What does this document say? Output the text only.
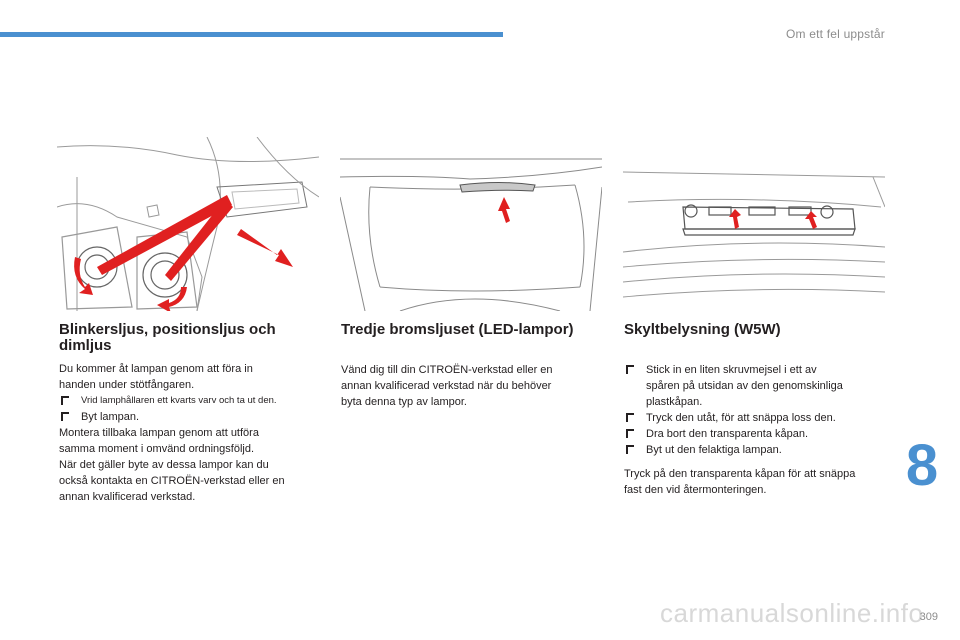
Om ett fel uppstår
Blinkersljus, positionsljus och
dimljus

Du kommer åt lampan genom att föra in
handen under stötfångaren.

Vrid lamphållaren ett kvarts varv och ta ut den.
Byt lampan.

Montera tillbaka lampan genom att utföra
samma moment i omvänd ordningsföljd.
När det gäller byte av dessa lampor kan du
också kontakta en CITROËN-verkstad eller en
annan kvalificerad verkstad.

Tredje bromsljuset (LED-lampor)

Vänd dig till din CITROËN-verkstad eller en
annan kvalificerad verkstad när du behöver
byta denna typ av lampor.

Skyltbelysning (W5W)
Stick in en liten skruvmejsel i ett av
spåren på utsidan av den genomskinliga
plastkåpan.
Tryck den utåt, för att snäppa loss den.
Dra bort den transparenta kåpan.
Byt ut den felaktiga lampan.

Tryck på den transparenta kåpan för att snäppa
fast den vid återmonteringen.	8
carmanualsonline.info
309
